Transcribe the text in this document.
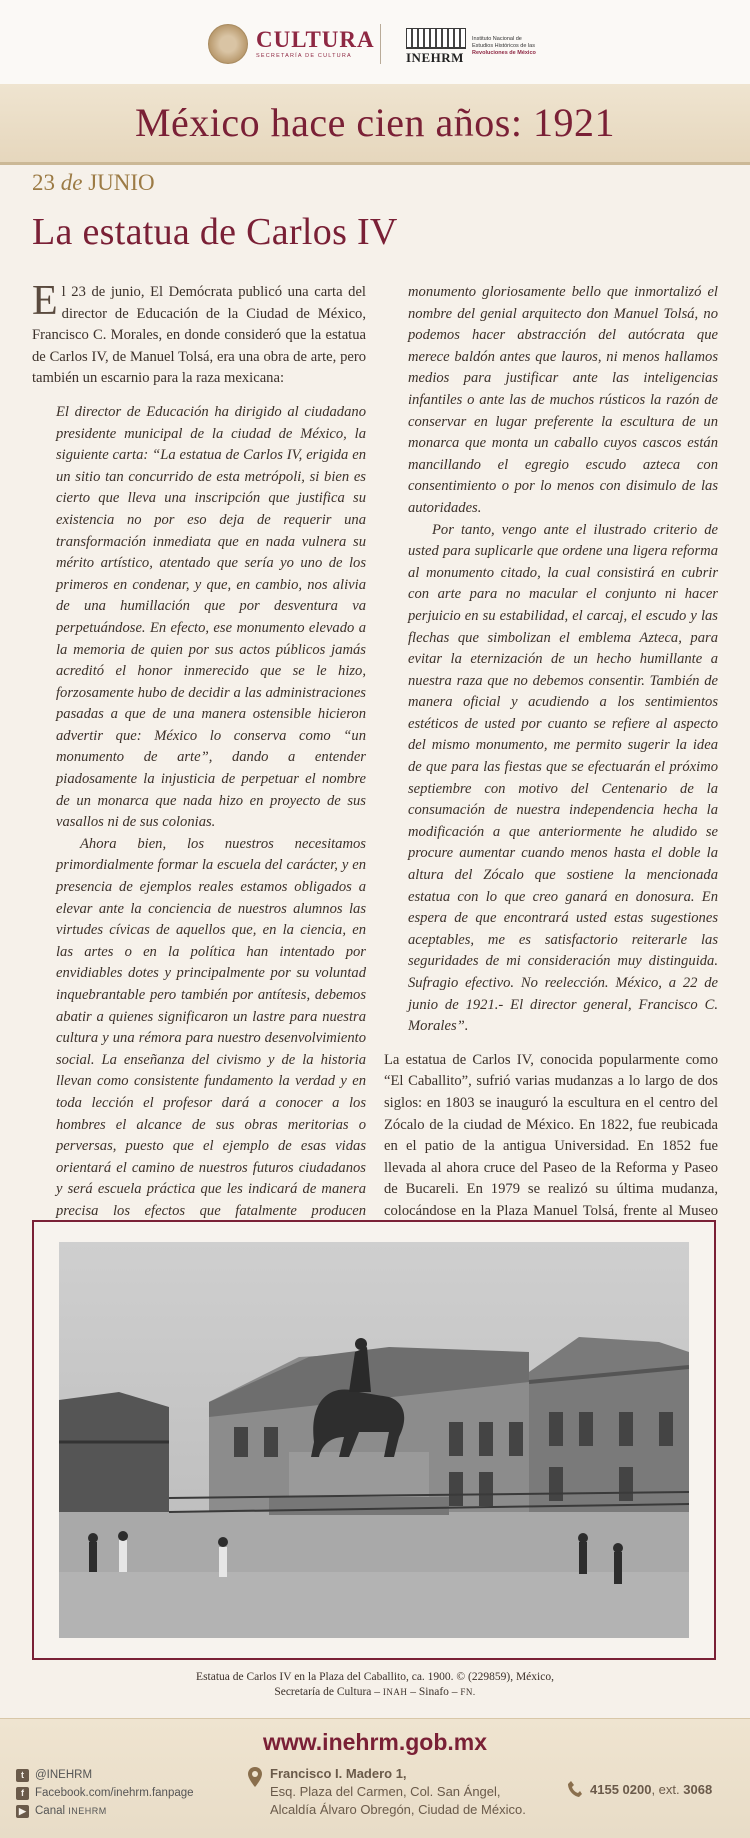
CULTURA
SECRETARÍA DE CULTURA	INEHRM
Instituto Nacional de
Estudios Históricos de las
Revoluciones de México
México hace cien años: 1921
23 de JUNIO
La estatua de Carlos IV

El 23 de junio, El Demócrata publicó una carta del director de Educación de la Ciudad de México, Francisco C. Morales, en donde consideró que la estatua de Carlos IV, de Manuel Tolsá, era una obra de arte, pero también un escarnio para la raza mexicana:

El director de Educación ha dirigido al ciudadano presidente municipal de la ciudad de México, la siguiente carta: “La estatua de Carlos IV, erigida en un sitio tan concurrido de esta metrópoli, si bien es cierto que lleva una inscripción que justifica su existencia no por eso deja de requerir una transformación inmediata que en nada vulnera su mérito artístico, atentado que sería yo uno de los primeros en condenar, y que, en cambio, nos alivia de una humillación que por desventura va perpetuándose. En efecto, ese monumento elevado a la memoria de quien por sus actos públicos jamás acreditó el honor inmerecido que se le hizo, forzosamente hubo de decidir a las administraciones pasadas a que de una manera ostensible hicieron advertir que: México lo conserva como “un monumento de arte”, dando a entender piadosamente la injusticia de perpetuar el nombre de un monarca que nada hizo en proyecto de sus vasallos ni de sus colonias.

Ahora bien, los nuestros necesitamos primordialmente formar la escuela del carácter, y en presencia de ejemplos reales estamos obligados a elevar ante la conciencia de nuestros alumnos las virtudes cívicas de aquellos que, en la ciencia, en las artes o en la política han intentado por envidiables dotes y principalmente por su voluntad inquebrantable pero también por antítesis, debemos abatir a quienes significaron un lastre para nuestra cultura y una rémora para nuestro desenvolvimiento social. La enseñanza del civismo y de la historia llevan como consistente fundamento la verdad y en toda lección el profesor dará a conocer a los hombres el alcance de sus obras meritorias o perversas, puesto que el ejemplo de esas vidas orientará el camino de nuestros futuros ciudadanos y será escuela práctica que les indicará de manera precisa los efectos que fatalmente producen

monumento gloriosamente bello que inmortalizó el nombre del genial arquitecto don Manuel Tolsá, no podemos hacer abstracción del autócrata que merece baldón antes que lauros, ni menos hallamos medios para justificar ante las inteligencias infantiles o ante las de muchos rústicos la razón de conservar en lugar preferente la escultura de un monarca que monta un caballo cuyos cascos están mancillando el egregio escudo azteca con consentimiento o por lo menos con disimulo de las autoridades.

Por tanto, vengo ante el ilustrado criterio de usted para suplicarle que ordene una ligera reforma al monumento citado, la cual consistirá en cubrir con arte para no macular el conjunto ni hacer perjuicio en su estabilidad, el carcaj, el escudo y las flechas que simbolizan el emblema Azteca, para evitar la eternización de un hecho humillante a nuestra raza que no debemos consentir. También de manera oficial y acudiendo a los sentimientos estéticos de usted por cuanto se refiere al aspecto del mismo monumento, me permito sugerir la idea de que para las fiestas que se efectuarán el próximo septiembre con motivo del Centenario de la consumación de nuestra independencia hecha la modificación a que anteriormente he aludido se procure aumentar cuando menos hasta el doble la altura del Zócalo que sostiene la mencionada estatua con lo que creo ganará en donosura. En espera de que encontrará usted estas sugestiones aceptables, me es satisfactorio reiterarle las seguridades de mi consideración muy distinguida. Sufragio efectivo. No reelección. México, a 22 de junio de 1921.- El director general, Francisco C. Morales”.

La estatua de Carlos IV, conocida popularmente como “El Caballito”, sufrió varias mudanzas a lo largo de dos siglos: en 1803 se inauguró la escultura en el centro del Zócalo de la ciudad de México. En 1822, fue reubicada en el patio de la antigua Universidad. En 1852 fue llevada al ahora cruce del Paseo de la Reforma y Paseo de Bucareli. En 1979 se realizó su última mudanza, colocándose en la Plaza Manuel Tolsá, frente al Museo

Estatua de Carlos IV en la Plaza del Caballito, ca. 1900. © (229859), México,
Secretaría de Cultura – INAH – Sinafo – FN.
www.inehrm.gob.mx
t @INEHRM
f Facebook.com/inehrm.fanpage
▶ Canal
INEHRM
Francisco I. Madero 1,
Esq. Plaza del Carmen, Col. San Ángel,
Alcaldía Álvaro Obregón, Ciudad de México.
4155 0200 , ext.
3068
